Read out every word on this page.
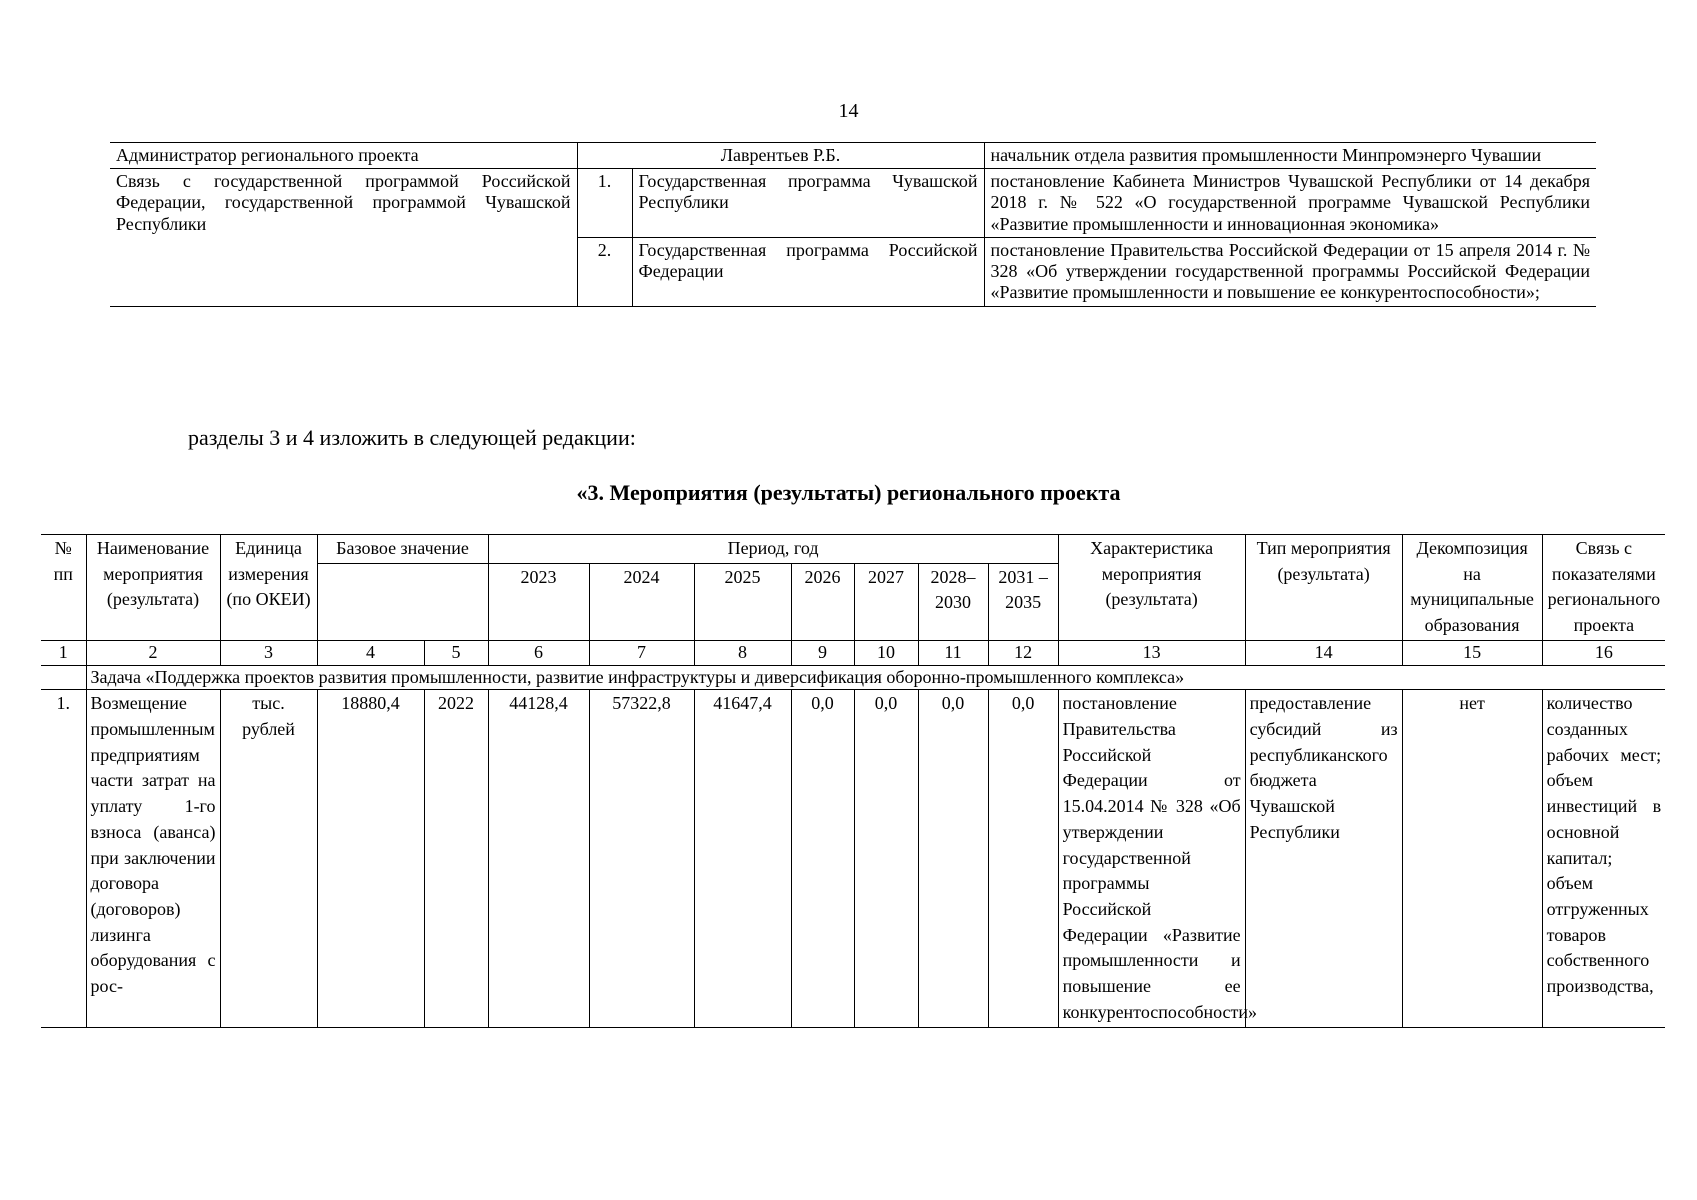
14
Администратор регионального проекта	Лаврентьев Р.Б.		начальник отдела развития промышленности Минпромэнерго Чувашии
Связь с государственной программой Российской Федерации, государственной программой Чувашской Республики	1.	Государственная программа Чувашской Республики	постановление Кабинета Министров Чувашской Республики от 14 декабря 2018 г. № 522 «О государственной программе Чувашской Республики «Развитие промышленности и инновационная экономика»
	2.	Государственная программа Российской Федерации	постановление Правительства Российской Федерации от 15 апреля 2014 г. № 328 «Об утверждении государственной программы Российской Федерации «Развитие промышленности и повышение ее конкурентоспособности»;
разделы 3 и 4 изложить в следующей редакции:
«3. Мероприятия (результаты) регионального проекта
№ пп	Наименование мероприятия (результата)	Единица измерения (по ОКЕИ)	Базовое значение		Период, год							Характеристика мероприятия (результата)	Тип мероприятия (результата)	Декомпозиция на муниципальные образования	Связь с показателями регионального проекта
					2023	2024	2025	2026	2027	2028–2030	2031 – 2035				

1	2	3	4	5	6	7	8	9	10	11	12	13	14	15	16
	Задача «Поддержка проектов развития промышленности, развитие инфраструктуры и диверсификация оборонно-промышленного комплекса»														
1.	Возмещение промышленным предприятиям части затрат на уплату 1-го взноса (аванса) при заключении договора (договоров) лизинга оборудования с рос-	тыс. рублей	18880,4	2022	44128,4	57322,8	41647,4	0,0	0,0	0,0	0,0	постановление Правительства Российской Федерации от 15.04.2014 № 328 «Об утверждении государственной программы Российской Федерации «Развитие промышленности и повышение ее конкурентоспособности»	предоставление субсидий из республиканского бюджета Чувашской Республики	нет	количество созданных рабочих мест; объем инвестиций в основной капитал; объем отгруженных товаров собственного производства,
